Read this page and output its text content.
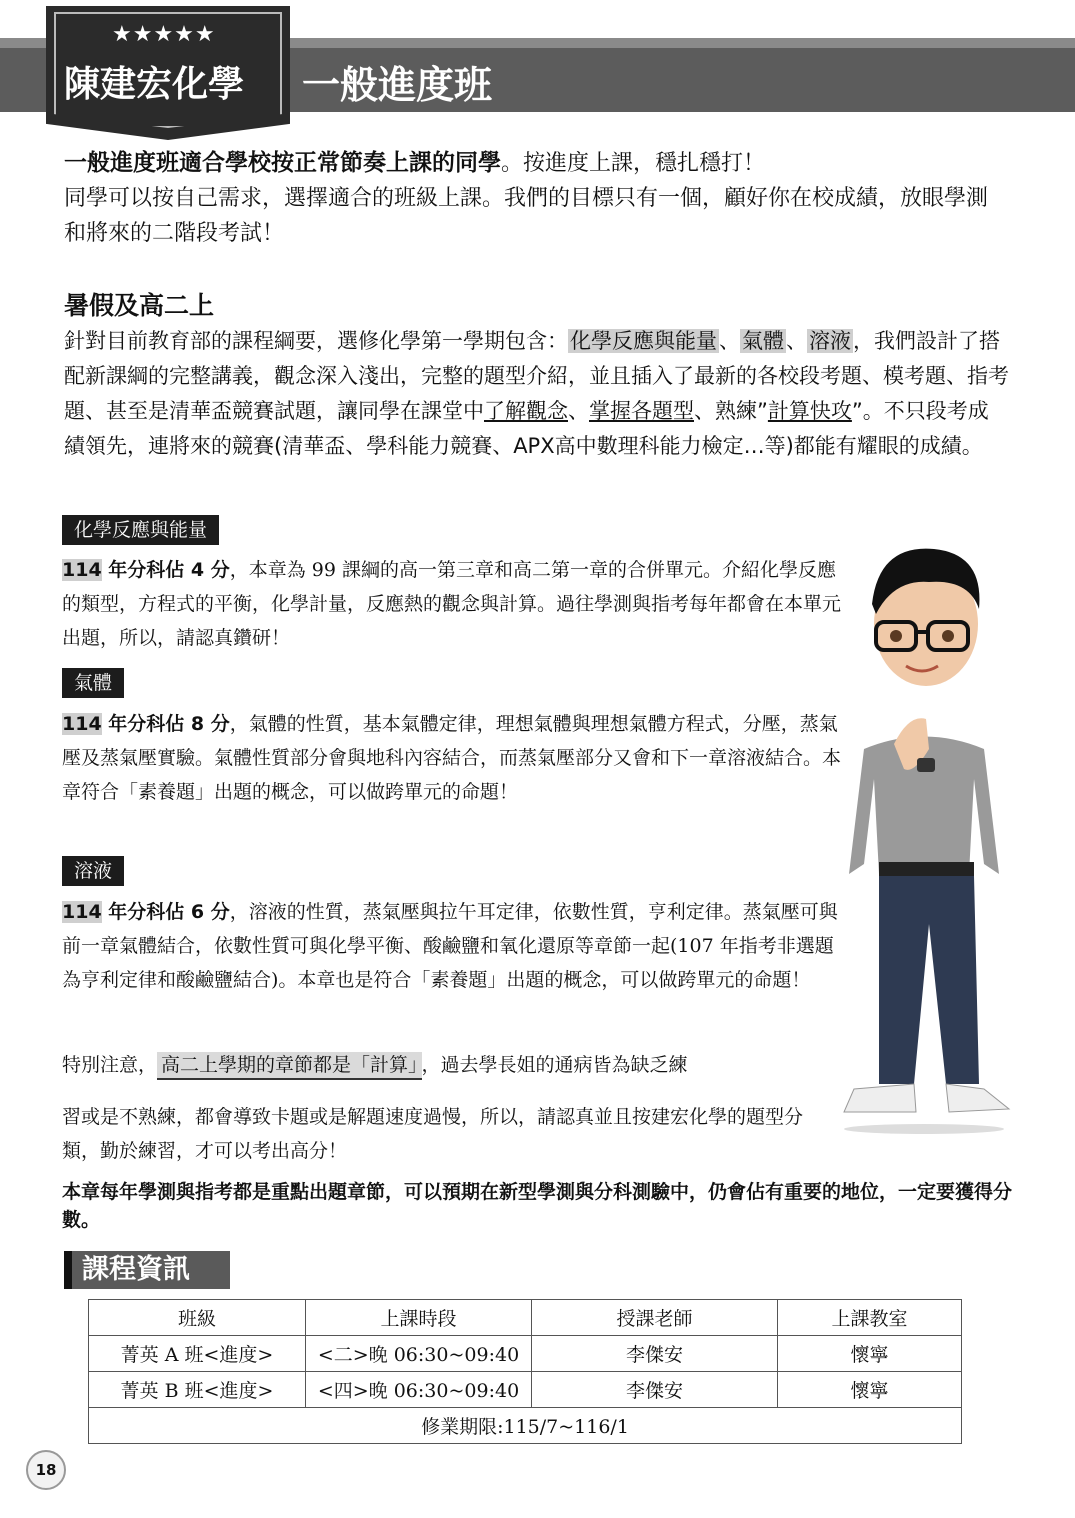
★★★★★
陳建宏化學 一般進度班
一般進度班適合學校按正常節奏上課的同學。按進度上課，穩扎穩打！
同學可以按自己需求，選擇適合的班級上課。我們的目標只有一個，顧好你在校成績，放眼學測和將來的二階段考試！
暑假及高二上
針對目前教育部的課程綱要，選修化學第一學期包含：化學反應與能量、氣體、溶液，我們設計了搭配新課綱的完整講義，觀念深入淺出，完整的題型介紹，並且插入了最新的各校段考題、模考題、指考題、甚至是清華盃競賽試題，讓同學在課堂中了解觀念、掌握各題型、熟練”計算快攻”。不只段考成績領先，連將來的競賽(清華盃、學科能力競賽、APX高中數理科能力檢定…等)都能有耀眼的成績。
化學反應與能量
114 年分科佔 4 分，本章為 99 課綱的高一第三章和高二第一章的合併單元。介紹化學反應的類型，方程式的平衡，化學計量，反應熱的觀念與計算。過往學測與指考每年都會在本單元出題，所以，請認真鑽研！
氣體
114 年分科佔 8 分，氣體的性質，基本氣體定律，理想氣體與理想氣體方程式，分壓，蒸氣壓及蒸氣壓實驗。氣體性質部分會與地科內容結合，而蒸氣壓部分又會和下一章溶液結合。本章符合「素養題」出題的概念，可以做跨單元的命題！
溶液
114 年分科佔 6 分，溶液的性質，蒸氣壓與拉午耳定律，依數性質，亨利定律。蒸氣壓可與前一章氣體結合，依數性質可與化學平衡、酸鹼鹽和氧化還原等章節一起(107 年指考非選題為亨利定律和酸鹼鹽結合)。本章也是符合「素養題」出題的概念，可以做跨單元的命題！
特別注意， 高二上學期的章節都是「計算」 ，過去學長姐的通病皆為缺乏練
習或是不熟練，都會導致卡題或是解題速度過慢，所以，請認真並且按建宏化學的題型分類，勤於練習，才可以考出高分！
本章每年學測與指考都是重點出題章節，可以預期在新型學測與分科測驗中，仍會佔有重要的地位，一定要獲得分數。
課程資訊
班級	上課時段	授課老師	上課教室
菁英 A 班<進度>	<二>晚 06:30~09:40	李傑安	懷寧
菁英 B 班<進度>	<四>晚 06:30~09:40	李傑安	懷寧
修業期限:115/7~116/1			
18
